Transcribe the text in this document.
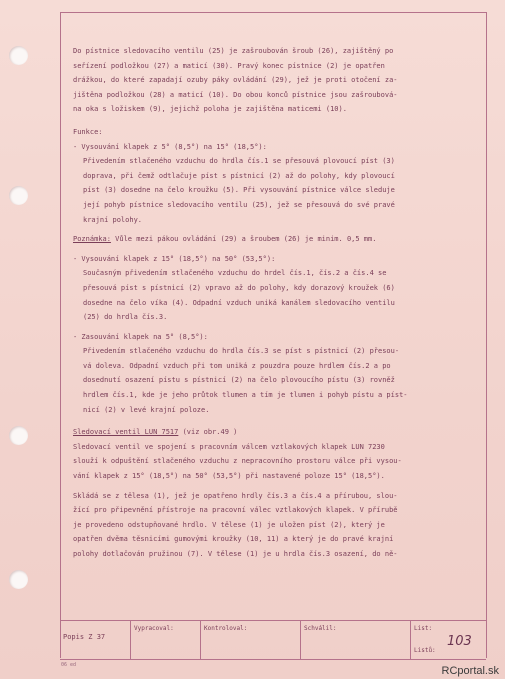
Do pístnice sledovacího ventilu (25) je zašroubován šroub (26), zajištěný po
seřízení podložkou (27) a maticí (30). Pravý konec pístnice (2) je opatřen
drážkou, do které zapadají ozuby páky ovládání (29), jež je proti otočení za-
jištěna podložkou (28) a maticí (10). Do obou konců pístnice jsou zašroubová-
na oka s ložiskem (9), jejichž poloha je zajištěna maticemi (10).
Funkce:
- Vysouvání klapek z 5° (8,5°) na 15° (18,5°):
Přivedením stlačeného vzduchu do hrdla čís.1 se přesouvá plovoucí píst (3)
doprava, při čemž odtlačuje píst s pístnicí (2) až do polohy, kdy plovoucí
píst (3) dosedne na čelo kroužku (5). Při vysouvání pístnice válce sleduje
její pohyb pístnice sledovacího ventilu (25), jež se přesouvá do své pravé
krajní polohy.
Poznámka: Vůle mezi pákou ovládání (29) a šroubem (26) je minim. 0,5 mm.
- Vysouvání klapek z 15° (18,5°) na 50° (53,5°):
Současným přivedením stlačeného vzduchu do hrdel čís.1, čís.2 a čís.4 se
přesouvá píst s pístnicí (2) vpravo až do polohy, kdy dorazový kroužek (6)
dosedne na čelo víka (4). Odpadní vzduch uniká kanálem sledovacího ventilu
(25) do hrdla čís.3.
- Zasouvání klapek na 5° (8,5°):
Přivedením stlačeného vzduchu do hrdla čís.3 se píst s pístnicí (2) přesou-
vá doleva. Odpadní vzduch při tom uniká z pouzdra pouze hrdlem čís.2 a po
dosednutí osazení pístu s pístnicí (2) na čelo plovoucího pístu (3) rovněž
hrdlem čís.1, kde je jeho průtok tlumen a tím je tlumen i pohyb pístu a píst-
nicí (2) v levé krajní poloze.
Sledovací ventil LUN 7517 (viz obr.49 )
Sledovací ventil ve spojení s pracovním válcem vztlakových klapek LUN 7230
slouží k odpuštění stlačeného vzduchu z nepracovního prostoru válce při vysou-
vání klapek z 15° (18,5°) na 50° (53,5°) při nastavené poloze 15° (18,5°).
Skládá se z tělesa (1), jež je opatřeno hrdly čís.3 a čís.4 a přírubou, slou-
žící pro připevnění přístroje na pracovní válec vztlakových klapek. V přírubě
je provedeno odstupňované hrdlo. V tělese (1) je uložen píst (2), který je
opatřen dvěma těsnicími gumovými kroužky (10, 11) a který je do pravé krajní
polohy dotlačován pružinou (7). V tělese (1) je u hrdla čís.3 osazení, do ně-
Popis Z 37
Vypracoval:	Kontroloval:	Schválil:	List:
Listů:
103
06 ed	RCportal.sk
